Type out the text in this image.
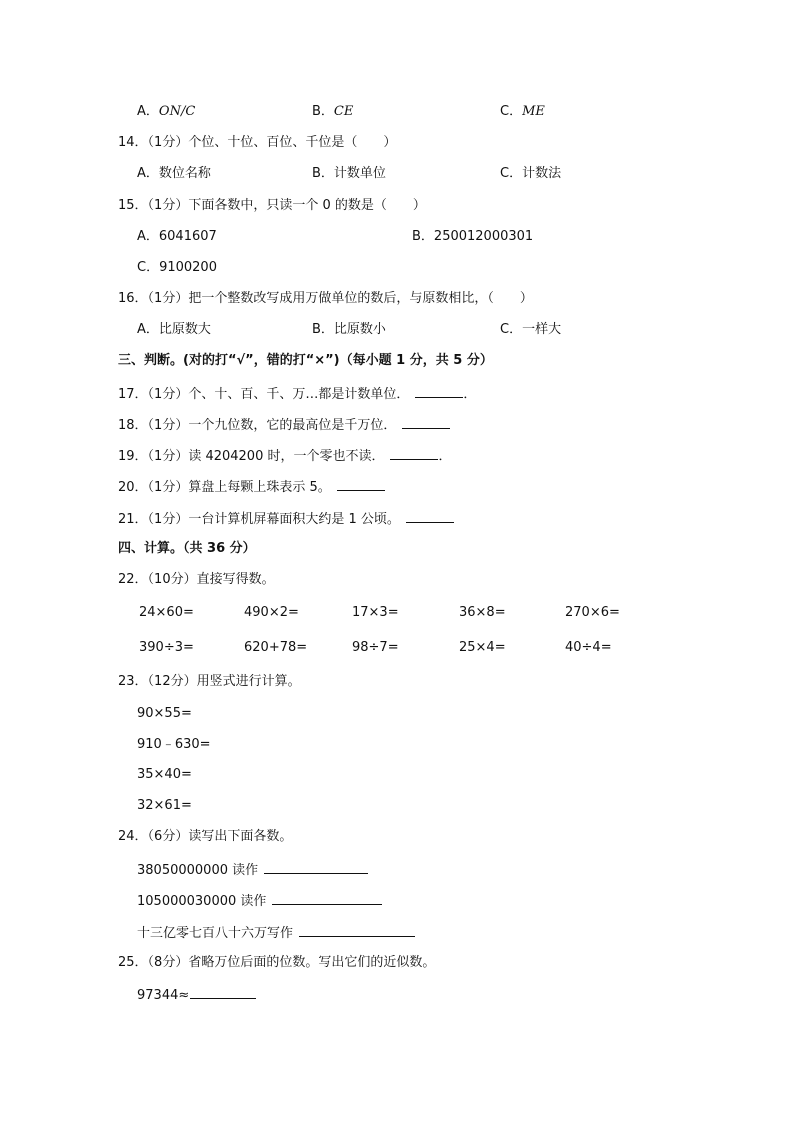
A．ON/C	B．CE	C．ME
14．（1分）个位、十位、百位、千位是（　　）
A．数位名称	B．计数单位	C．计数法
15．（1分）下面各数中，只读一个 0 的数是（　　）
A．6041607	B．250012000301
C．9100200
16．（1分）把一个整数改写成用万做单位的数后，与原数相比，（　　）
A．比原数大	B．比原数小	C．一样大
三、判断。(对的打“√”，错的打“×”)（每小题 1 分，共 5 分）
17．（1分）个、十、百、千、万…都是计数单位．	．
18．（1分）一个九位数，它的最高位是千万位．
19．（1分）读 4204200 时，一个零也不读．	．
20．（1分）算盘上每颗上珠表示 5。
21．（1分）一台计算机屏幕面积大约是 1 公顷。
四、计算。（共 36 分）
22．（10分）直接写得数。
24×60=	490×2=	17×3=	36×8=	270×6=
390÷3=	620+78=	98÷7=	25×4=	40÷4=
23．（12分）用竖式进行计算。
90×55=
910﹣630=
35×40=
32×61=
24．（6分）读写出下面各数。
38050000000 读作
105000030000 读作
十三亿零七百八十六万写作
25．（8分）省略万位后面的位数。写出它们的近似数。
97344≈
